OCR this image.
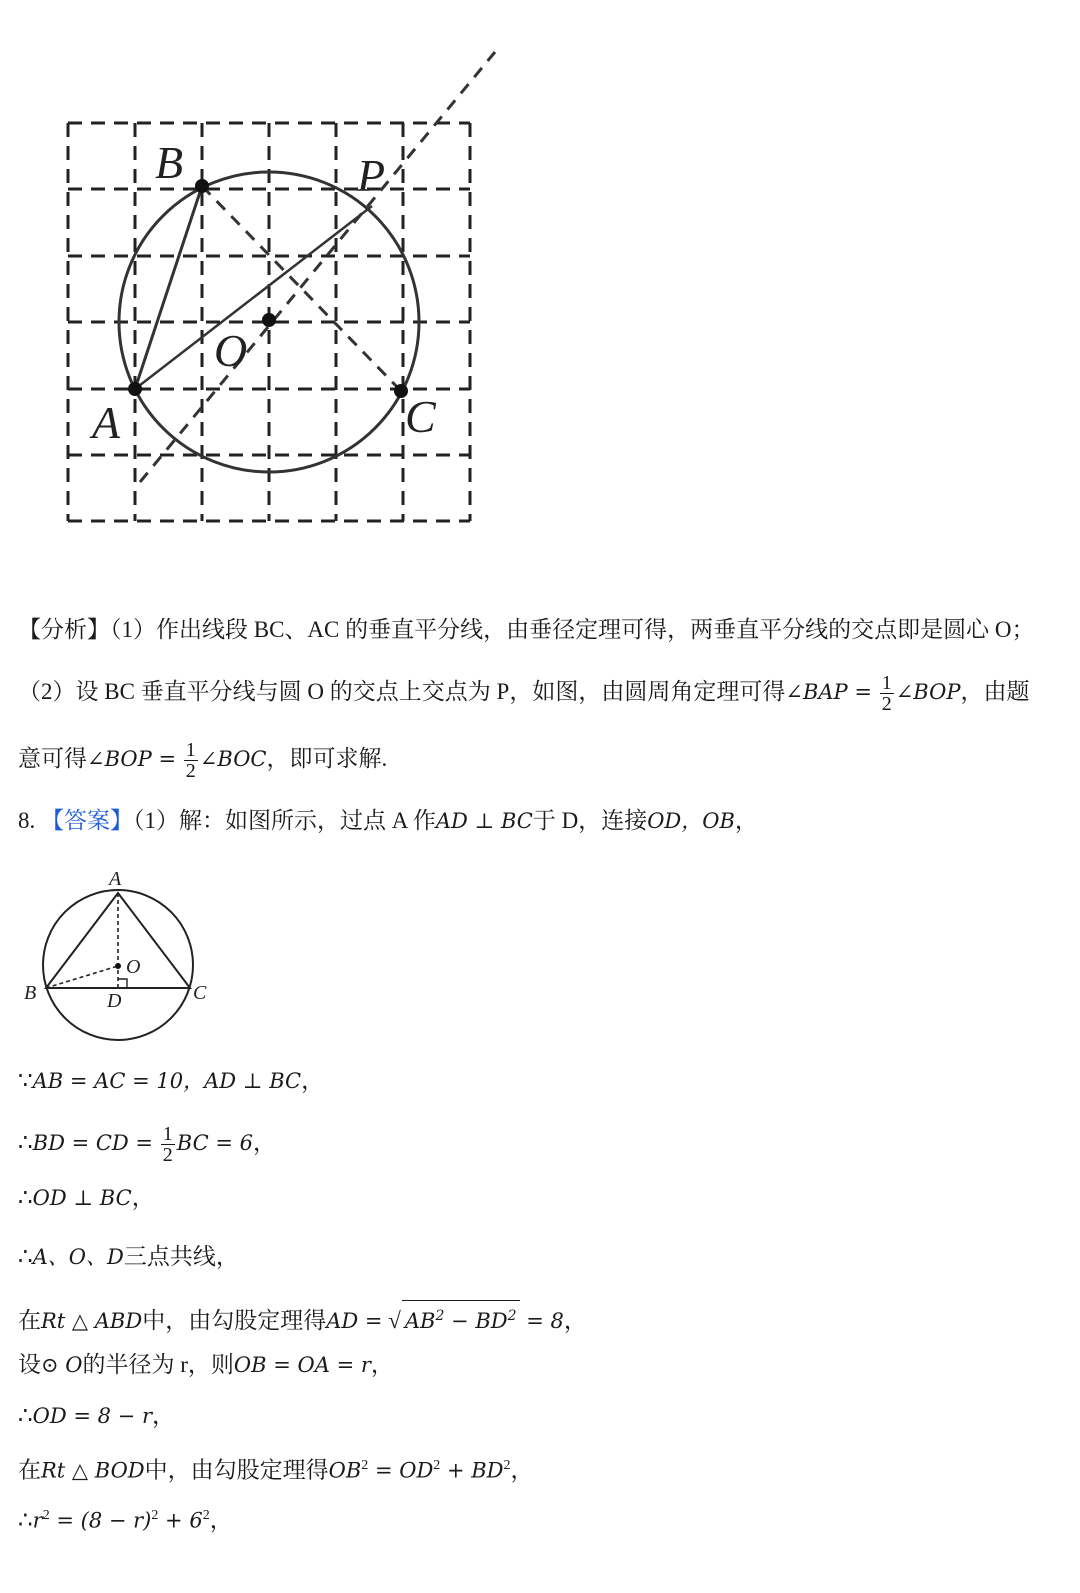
B	P
O
A	C
【分析】（1）作出线段 BC、AC 的垂直平分线，由垂径定理可得，两垂直平分线的交点即是圆心 O；
（2）设 BC 垂直平分线与圆 O 的交点上交点为 P，如图，由圆周角定理可得∠BAP = $\frac{1}{2}$ ∠BOP，由题
意可得∠BOP = $\frac{1}{2}$ ∠BOC，即可求解.
8. 【答案】（1）解：如图所示，过点 A 作AD ⊥ BC于 D，连接OD，OB，
A
O
B	D	C
∵AB = AC = 10，AD ⊥ BC，
∴BD = CD = $\frac{1}{2}$ BC = 6，
∴OD ⊥ BC，
∴A、O、D三点共线，
在Rt △ ABD中，由勾股定理得AD = √ $AB^2 - BD^2 = 8$，
设⊙ O的半径为 r，则OB = OA = r，
∴OD = 8 − r，
在Rt △ BOD中，由勾股定理得$OB^2 = OD^2 + BD^2$，
$\therefore r^2 = (8 - r)^2 + 6^2$，
